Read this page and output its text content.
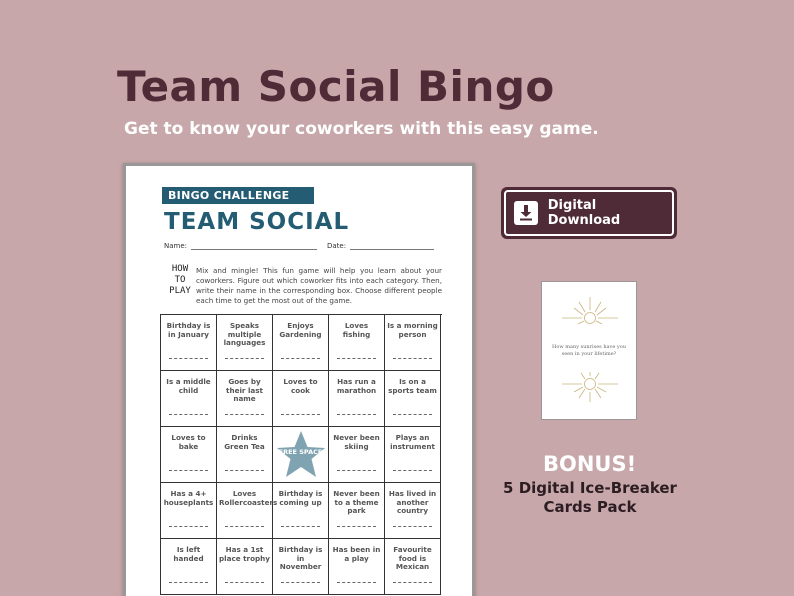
Team Social Bingo
Get to know your coworkers with this easy game.
BINGO CHALLENGE
TEAM SOCIAL
Name:	Date:
HOW
TO
PLAY
Mix and mingle! This fun game will help you learn about your coworkers. Figure out which coworker fits into each category. Then, write their name in the corresponding box. Choose different people each time to get the most out of the game.
Birthday is in January
Speaks multiple languages
Enjoys Gardening
Loves fishing
Is a morning person
Is a middle child
Goes by their last name
Loves to cook
Has run a marathon
Is on a sports team
Loves to bake
Drinks Green Tea
FREE SPACE
Never been skiing
Plays an instrument
Has a 4+ houseplants
Loves Rollercoasters
Birthday is coming up
Never been to a theme park
Has lived in another country
Is left handed
Has a 1st place trophy
Birthday is in November
Has been in a play
Favourite food is Mexican
Digital Download
How many sunrises have you seen in your lifetime?
BONUS!
5 Digital Ice-Breaker Cards Pack
